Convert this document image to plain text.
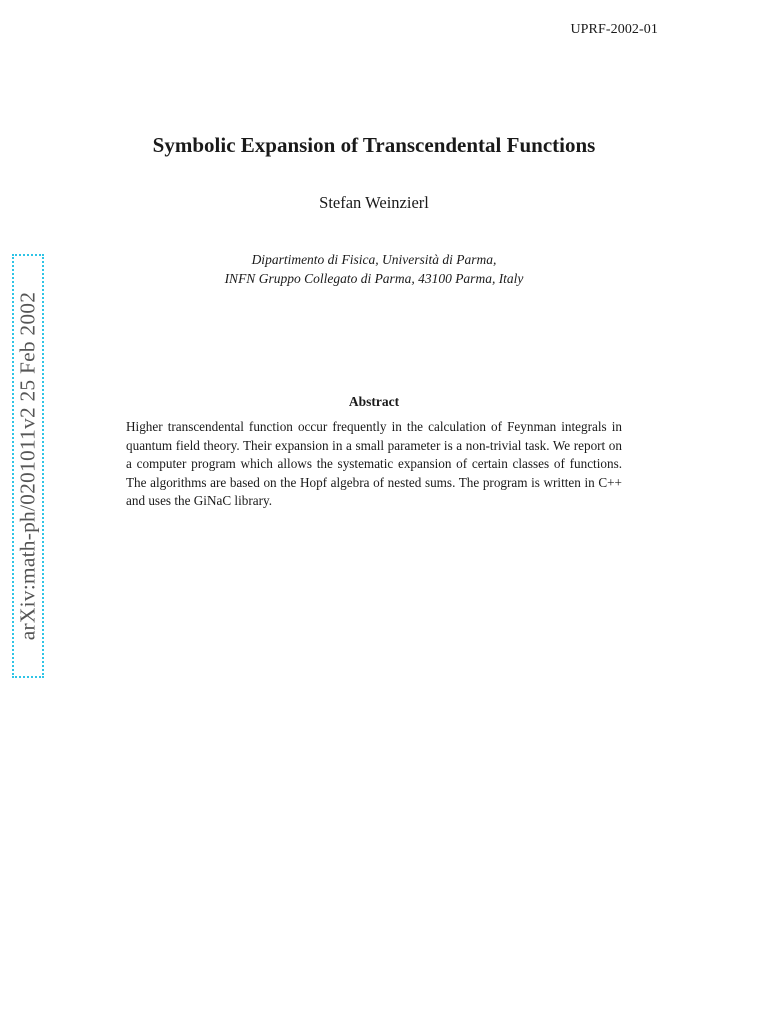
UPRF-2002-01
arXiv:math-ph/0201011v2 25 Feb 2002
Symbolic Expansion of Transcendental Functions
Stefan Weinzierl
Dipartimento di Fisica, Università di Parma,
INFN Gruppo Collegato di Parma, 43100 Parma, Italy
Abstract

Higher transcendental function occur frequently in the calculation of Feynman integrals in quantum field theory. Their expansion in a small parameter is a non-trivial task. We report on a computer program which allows the systematic expansion of certain classes of functions. The algorithms are based on the Hopf algebra of nested sums. The program is written in C++ and uses the GiNaC library.
